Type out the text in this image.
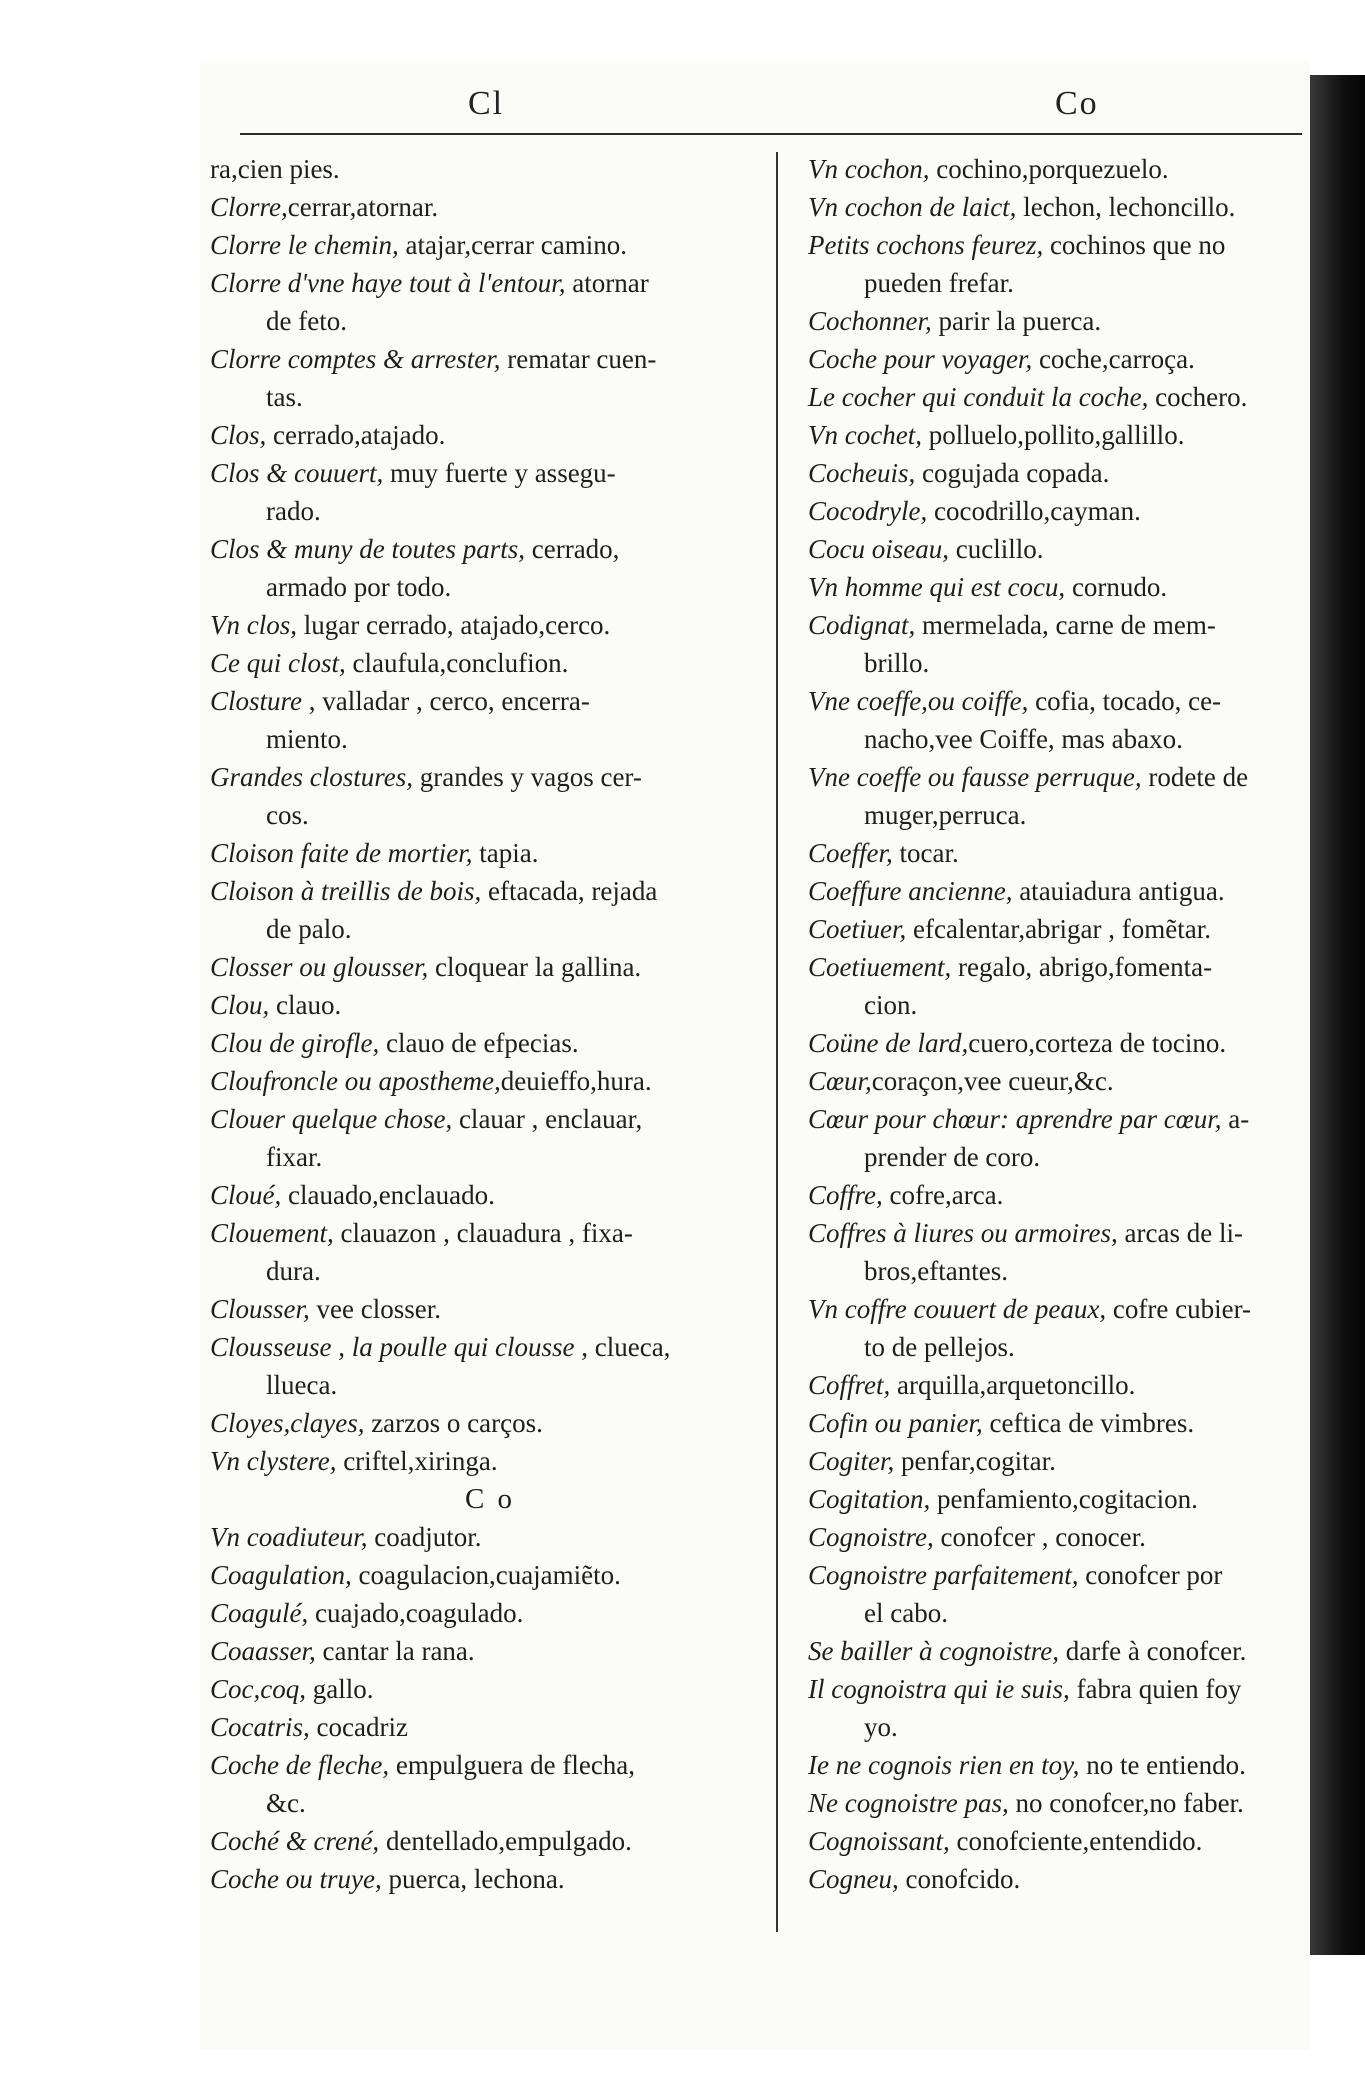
Cl	Co

ra,cien pies.

Clorre,cerrar,atornar.

Clorre le chemin, atajar,cerrar camino.

Clorre d'vne haye tout à l'entour, atornar

de feto.

Clorre comptes & arrester, rematar cuen-

tas.

Clos, cerrado,atajado.

Clos & couuert, muy fuerte y assegu-

rado.

Clos & muny de toutes parts, cerrado,

armado por todo.

Vn clos, lugar cerrado, atajado,cerco.

Ce qui clost, claufula,conclufion.

Closture , valladar , cerco, encerra-

miento.

Grandes clostures, grandes y vagos cer-

cos.

Cloison faite de mortier, tapia.

Cloison à treillis de bois, eftacada, rejada

de palo.

Closser ou glousser, cloquear la gallina.

Clou, clauo.

Clou de girofle, clauo de efpecias.

Cloufroncle ou apostheme,deuieffo,hura.

Clouer quelque chose, clauar , enclauar,

fixar.

Cloué, clauado,enclauado.

Clouement, clauazon , clauadura , fixa-

dura.

Clousser, vee closser.

Clousseuse , la poulle qui clousse , clueca,

llueca.

Cloyes,clayes, zarzos o carços.

Vn clystere, criftel,xiringa.

C o

Vn coadiuteur, coadjutor.

Coagulation, coagulacion,cuajamiẽto.

Coagulé, cuajado,coagulado.

Coaasser, cantar la rana.

Coc,coq, gallo.

Cocatris, cocadriz

Coche de fleche, empulguera de flecha,

&c.

Coché & crené, dentellado,empulgado.

Coche ou truye, puerca, lechona.

Vn cochon, cochino,porquezuelo.

Vn cochon de laict, lechon, lechoncillo.

Petits cochons feurez, cochinos que no

pueden frefar.

Cochonner, parir la puerca.

Coche pour voyager, coche,carroça.

Le cocher qui conduit la coche, cochero.

Vn cochet, polluelo,pollito,gallillo.

Cocheuis, cogujada copada.

Cocodryle, cocodrillo,cayman.

Cocu oiseau, cuclillo.

Vn homme qui est cocu, cornudo.

Codignat, mermelada, carne de mem-

brillo.

Vne coeffe,ou coiffe, cofia, tocado, ce-

nacho,vee Coiffe, mas abaxo.

Vne coeffe ou fausse perruque, rodete de

muger,perruca.

Coeffer, tocar.

Coeffure ancienne, atauiadura antigua.

Coetiuer, efcalentar,abrigar , fomẽtar.

Coetiuement, regalo, abrigo,fomenta-

cion.

Coüne de lard,cuero,corteza de tocino.

Cœur,coraçon,vee cueur,&c.

Cœur pour chœur: aprendre par cœur, a-

prender de coro.

Coffre, cofre,arca.

Coffres à liures ou armoires, arcas de li-

bros,eftantes.

Vn coffre couuert de peaux, cofre cubier-

to de pellejos.

Coffret, arquilla,arquetoncillo.

Cofin ou panier, ceftica de vimbres.

Cogiter, penfar,cogitar.

Cogitation, penfamiento,cogitacion.

Cognoistre, conofcer , conocer.

Cognoistre parfaitement, conofcer por

el cabo.

Se bailler à cognoistre, darfe à conofcer.

Il cognoistra qui ie suis, fabra quien foy

yo.

Ie ne cognois rien en toy, no te entiendo.

Ne cognoistre pas, no conofcer,no faber.

Cognoissant, conofciente,entendido.

Cogneu, conofcido.
